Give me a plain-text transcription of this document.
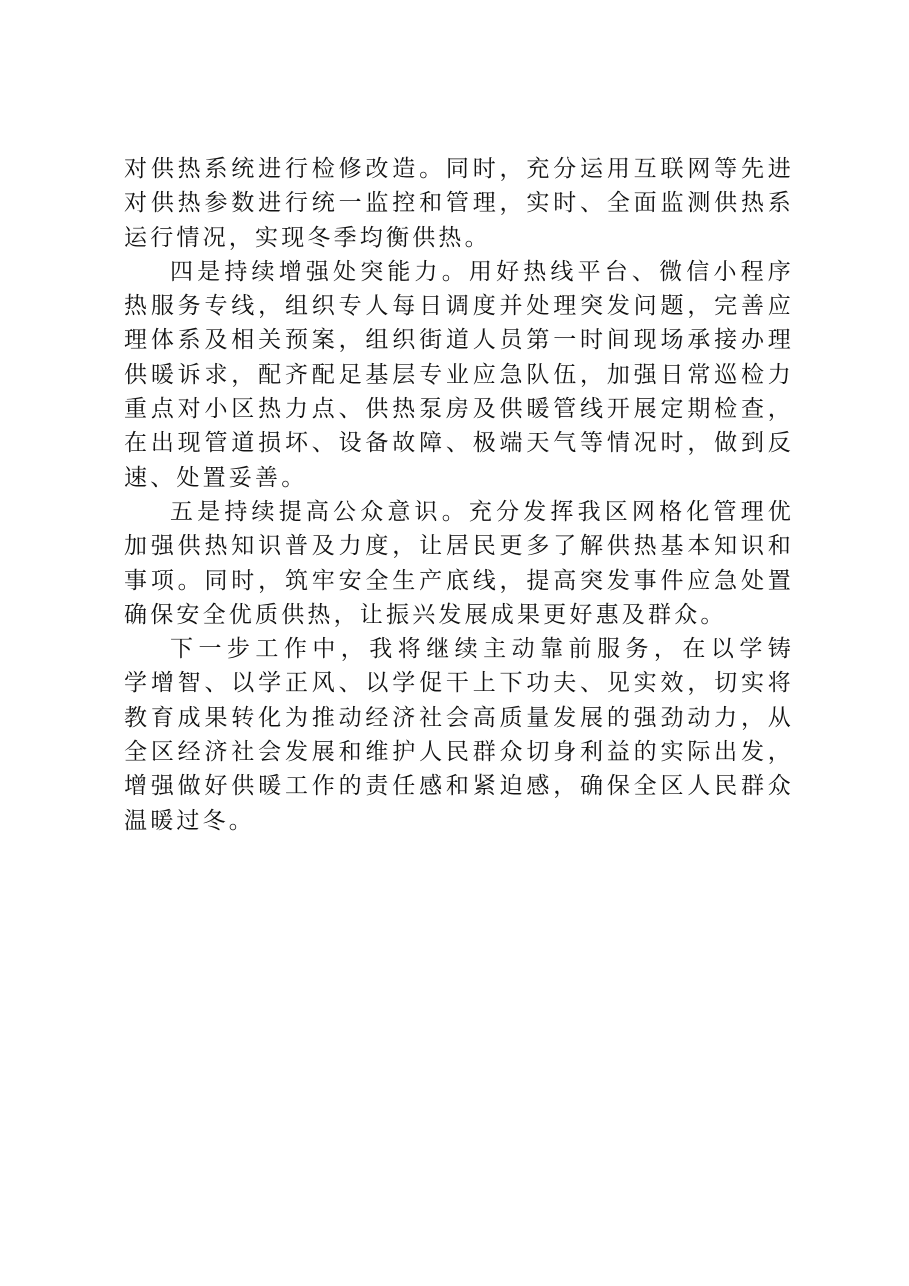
对供热系统进行检修改造。同时，充分运用互联网等先进
对供热参数进行统一监控和管理，实时、全面监测供热系
运行情况，实现冬季均衡供热。
四是持续增强处突能力。用好热线平台、微信小程序
热服务专线，组织专人每日调度并处理突发问题，完善应
理体系及相关预案，组织街道人员第一时间现场承接办理
供暖诉求，配齐配足基层专业应急队伍，加强日常巡检力
重点对小区热力点、供热泵房及供暖管线开展定期检查，
在出现管道损坏、设备故障、极端天气等情况时，做到反
速、处置妥善。
五是持续提高公众意识。充分发挥我区网格化管理优
加强供热知识普及力度，让居民更多了解供热基本知识和
事项。同时，筑牢安全生产底线，提高突发事件应急处置
确保安全优质供热，让振兴发展成果更好惠及群众。
下一步工作中，我将继续主动靠前服务，在以学铸
学增智、以学正风、以学促干上下功夫、见实效，切实将
教育成果转化为推动经济社会高质量发展的强劲动力，从
全区经济社会发展和维护人民群众切身利益的实际出发，
增强做好供暖工作的责任感和紧迫感，确保全区人民群众
温暖过冬。
